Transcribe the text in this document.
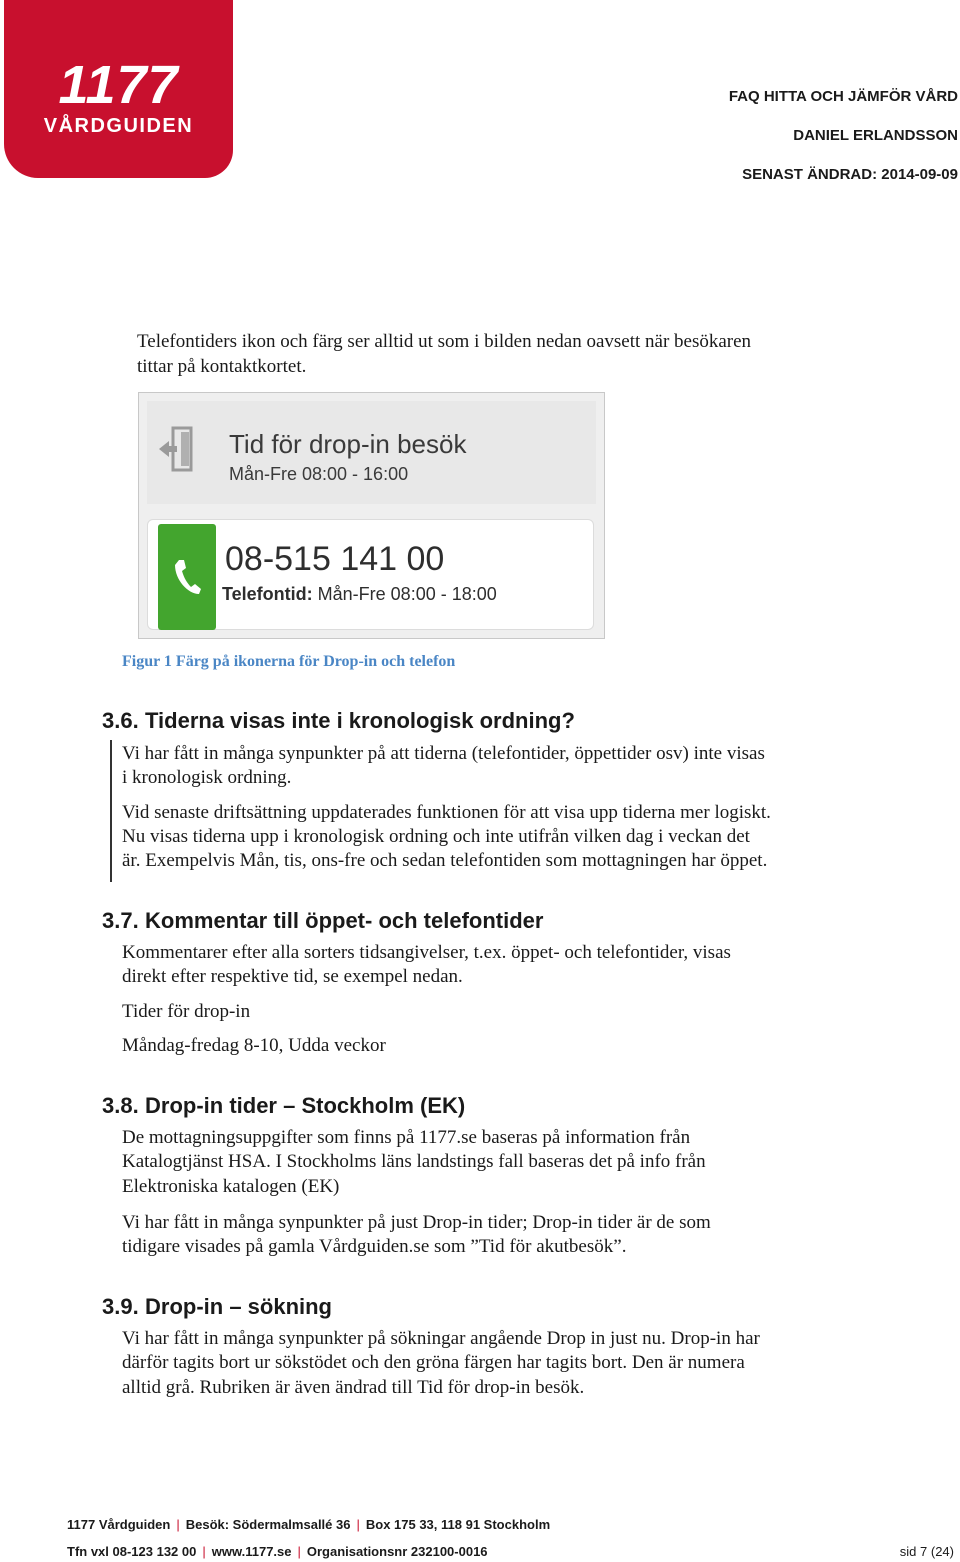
1177
VÅRDGUIDEN
FAQ HITTA OCH JÄMFÖR VÅRD
DANIEL ERLANDSSON
SENAST ÄNDRAD: 2014-09-09
Telefontiders ikon och färg ser alltid ut som i bilden nedan oavsett när besökaren
tittar på kontaktkortet.
Tid för drop-in besök
Mån-Fre 08:00 - 16:00
08-515 141 00
Telefontid: Mån-Fre 08:00 - 18:00
Figur 1 Färg på ikonerna för Drop-in och telefon
3.6. Tiderna visas inte i kronologisk ordning?
Vi har fått in många synpunkter på att tiderna (telefontider, öppettider osv) inte visas
i kronologisk ordning.
Vid senaste driftsättning uppdaterades funktionen för att visa upp tiderna mer logiskt.
Nu visas tiderna upp i kronologisk ordning och inte utifrån vilken dag i veckan det
är. Exempelvis Mån, tis, ons-fre och sedan telefontiden som mottagningen har öppet.
3.7. Kommentar till öppet- och telefontider
Kommentarer efter alla sorters tidsangivelser, t.ex. öppet- och telefontider, visas
direkt efter respektive tid, se exempel nedan.
Tider för drop-in
Måndag-fredag 8-10, Udda veckor
3.8. Drop-in tider – Stockholm (EK)
De mottagningsuppgifter som finns på 1177.se baseras på information från
Katalogtjänst HSA. I Stockholms läns landstings fall baseras det på info från
Elektroniska katalogen (EK)
Vi har fått in många synpunkter på just Drop-in tider; Drop-in tider är de som
tidigare visades på gamla Vårdguiden.se som ”Tid för akutbesök”.
3.9. Drop-in – sökning
Vi har fått in många synpunkter på sökningar angående Drop in just nu. Drop-in har
därför tagits bort ur sökstödet och den gröna färgen har tagits bort. Den är numera
alltid grå. Rubriken är även ändrad till Tid för drop-in besök.
1177 Vårdguiden | Besök: Södermalmsallé 36 | Box 175 33, 118 91 Stockholm
Tfn vxl 08-123 132 00 | www.1177.se | Organisationsnr 232100-0016	sid 7 (24)
